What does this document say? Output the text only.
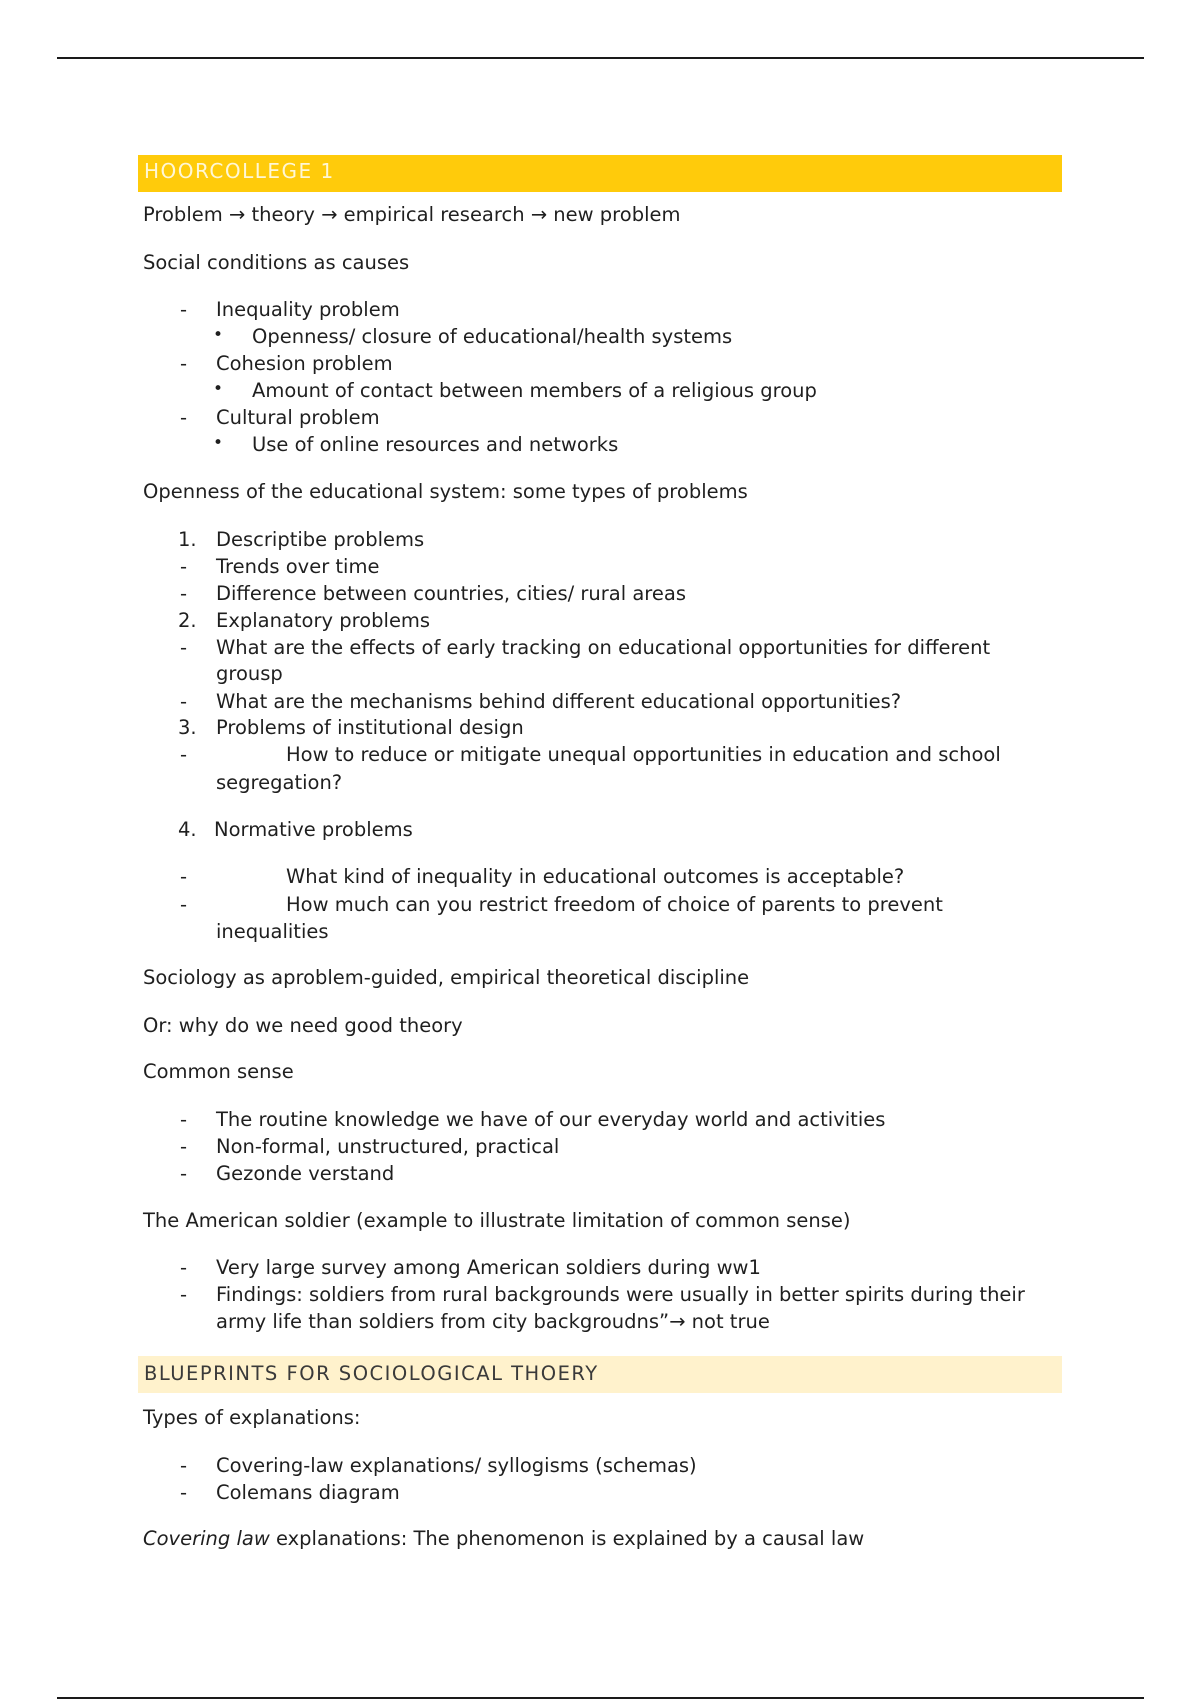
HOORCOLLEGE 1
Problem → theory → empirical research → new problem
Social conditions as causes
- Inequality problem
• Openness/ closure of educational/health systems
- Cohesion problem
• Amount of contact between members of a religious group
- Cultural problem
• Use of online resources and networks
Openness of the educational system: some types of problems
1. Descriptibe problems
- Trends over time
- Difference between countries, cities/ rural areas
2. Explanatory problems
- What are the effects of early tracking on educational opportunities for different
grousp
- What are the mechanisms behind different educational opportunities?
3. Problems of institutional design
-	How to reduce or mitigate unequal opportunities in education and school
segregation?
4. Normative problems
-	What kind of inequality in educational outcomes is acceptable?
-	How much can you restrict freedom of choice of parents to prevent
inequalities
Sociology as aproblem-guided, empirical theoretical discipline
Or: why do we need good theory
Common sense
- The routine knowledge we have of our everyday world and activities
- Non-formal, unstructured, practical
- Gezonde verstand
The American soldier (example to illustrate limitation of common sense)
- Very large survey among American soldiers during ww1
- Findings: soldiers from rural backgrounds were usually in better spirits during their
army life than soldiers from city backgroudns”→ not true
BLUEPRINTS FOR SOCIOLOGICAL THOERY
Types of explanations:
- Covering-law explanations/ syllogisms (schemas)
- Colemans diagram
Covering law explanations: The phenomenon is explained by a causal law
